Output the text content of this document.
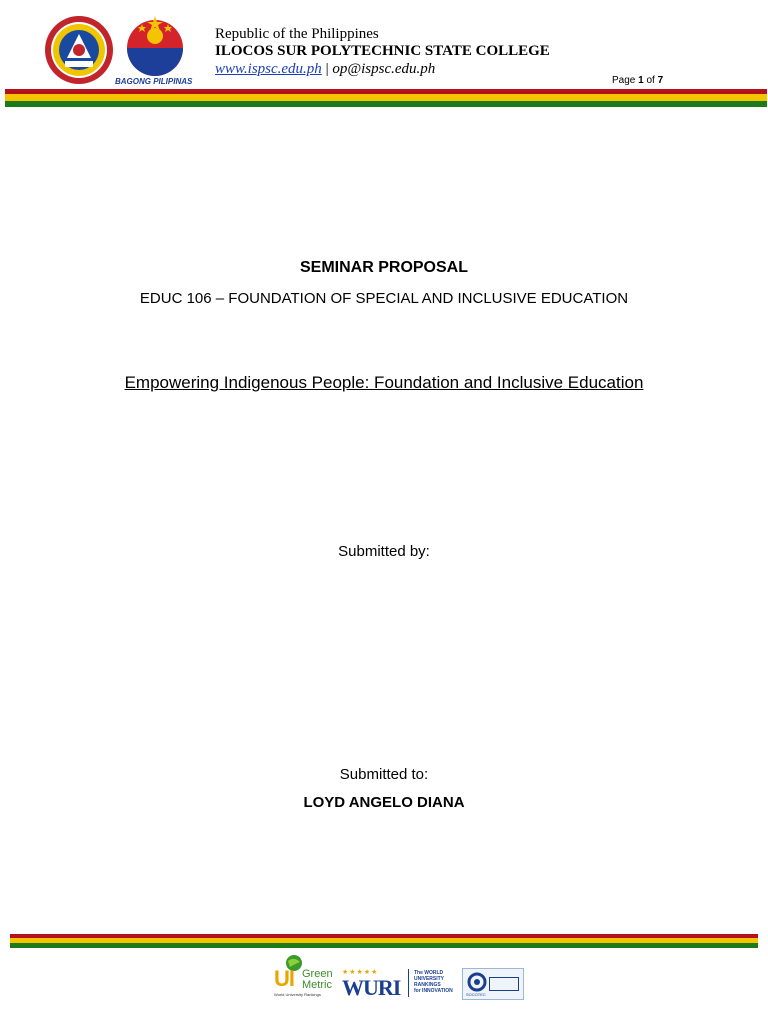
BAGONG PILIPINAS
Republic of the Philippines
ILOCOS SUR POLYTECHNIC STATE COLLEGE
www.ispsc.edu.ph | op@ispsc.edu.ph
Page 1 of 7
SEMINAR PROPOSAL
EDUC 106 – FOUNDATION OF SPECIAL AND INCLUSIVE EDUCATION
Empowering Indigenous People: Foundation and Inclusive Education
Submitted by:
Submitted to:
LOYD ANGELO DIANA
UI Green
Metric
World University Rankings
★★★★★
WURI
The WORLD
UNIVERSITY
RANKINGS
for INNOVATION
SOCOTEC
